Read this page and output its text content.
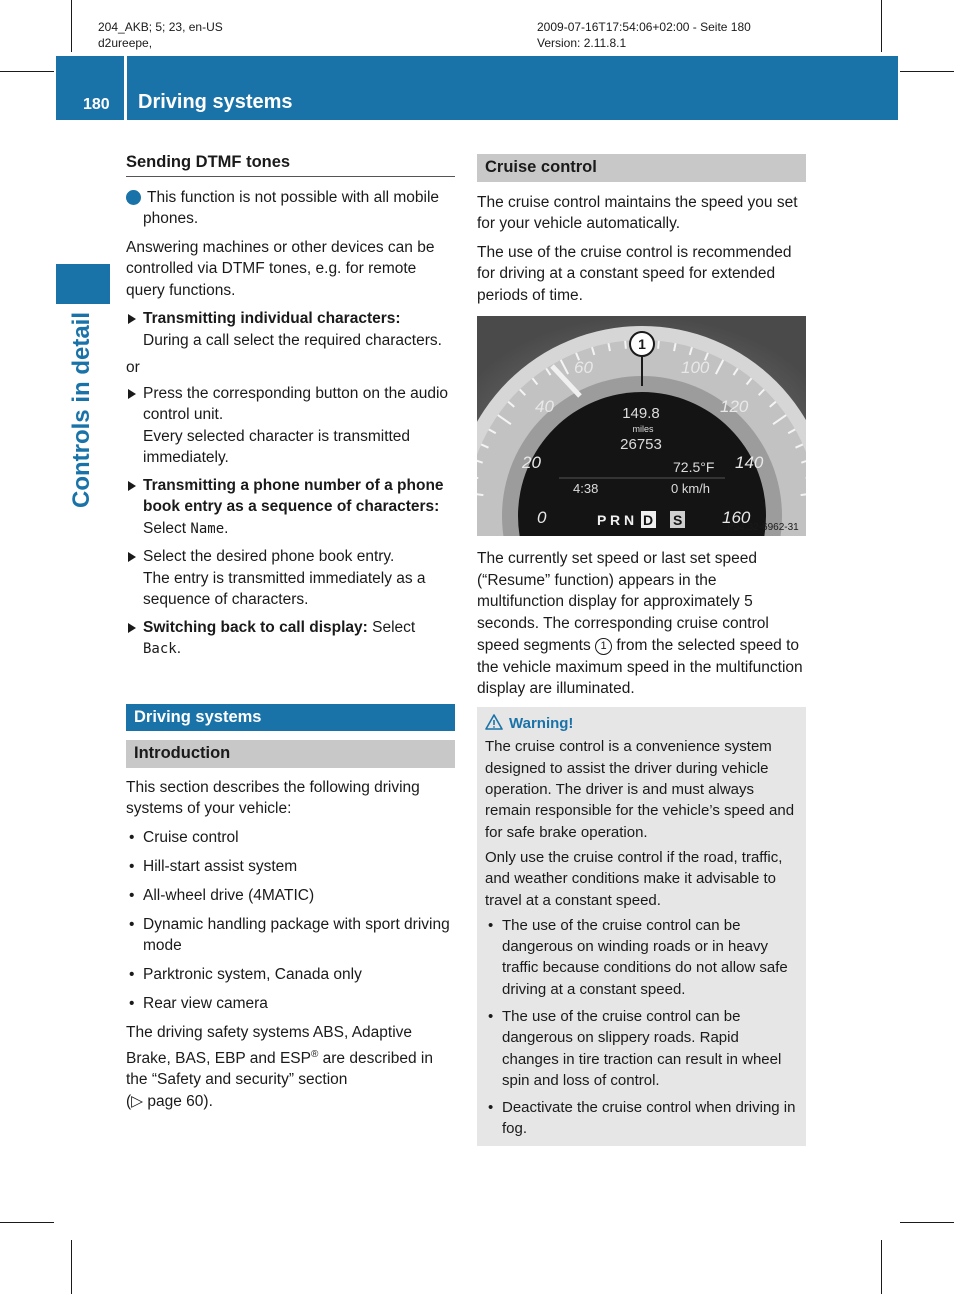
204_AKB; 5; 23, en-US
d2ureepe,
2009-07-16T17:54:06+02:00 - Seite 180
Version: 2.11.8.1
180 Driving systems
Controls in detail
Sending DTMF tones

i This function is not possible with all mobile phones.

Answering machines or other devices can be controlled via DTMF tones, e.g. for remote query functions.

Transmitting individual characters:
During a call select the required characters.

or

Press the corresponding button on the audio control unit.
Every selected character is transmitted immediately.
Transmitting a phone number of a phone book entry as a sequence of characters: Select Name.
Select the desired phone book entry.
The entry is transmitted immediately as a sequence of characters.
Switching back to call display: Select Back.
Driving systems
Introduction

This section describes the following driving systems of your vehicle:

• Cruise control
• Hill-start assist system
• All-wheel drive (4MATIC)
• Dynamic handling package with sport driving mode
• Parktronic system, Canada only
• Rear view camera

The driving safety systems ABS, Adaptive Brake, BAS, EBP and ESP® are described in the “Safety and security” section
(▷ page 60).

Cruise control

The cruise control maintains the speed you set for your vehicle automatically.

The use of the cruise control is recommended for driving at a constant speed for extended periods of time.

0
20
40
60	100
120
140
160
1
149.8
miles
26753
72.5°F
4:38	0 km/h
P R N D S	P54.32-6962-31

The currently set speed or last set speed (“Resume” function) appears in the multifunction display for approximately 5 seconds. The corresponding cruise control speed segments 1 from the selected speed to the vehicle maximum speed in the multifunction display are illuminated.

Warning!

The cruise control is a convenience system designed to assist the driver during vehicle operation. The driver is and must always remain responsible for the vehicle’s speed and for safe brake operation.

Only use the cruise control if the road, traffic, and weather conditions make it advisable to travel at a constant speed.

• The use of the cruise control can be dangerous on winding roads or in heavy traffic because conditions do not allow safe driving at a constant speed.
• The use of the cruise control can be dangerous on slippery roads. Rapid changes in tire traction can result in wheel spin and loss of control.
• Deactivate the cruise control when driving in fog.
